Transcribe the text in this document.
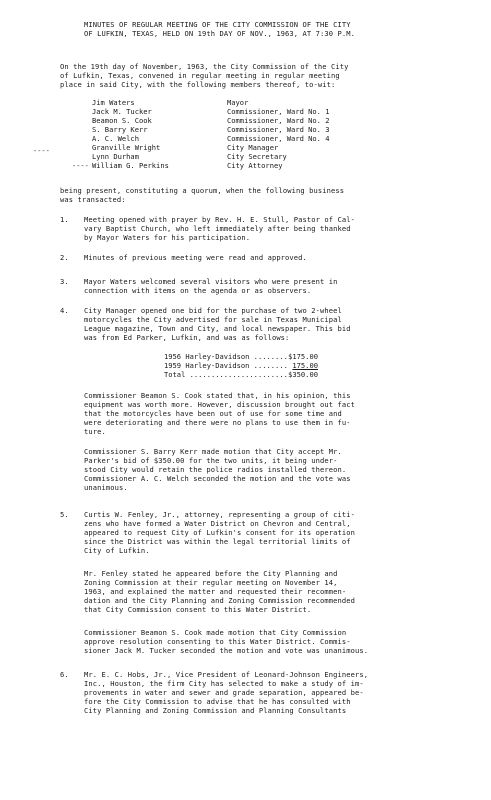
MINUTES OF REGULAR MEETING OF THE CITY COMMISSION OF THE CITY
OF LUFKIN, TEXAS, HELD ON 19th DAY OF NOV., 1963, AT 7:30 P.M.
On the 19th day of November, 1963, the City Commission of the City
of Lufkin, Texas, convened in regular meeting in regular meeting
place in said City, with the following members thereof, to-wit:
----
----
Jim Waters	Mayor
Jack M. Tucker	Commissioner, Ward No. 1
Beamon S. Cook	Commissioner, Ward No. 2
S. Barry Kerr	Commissioner, Ward No. 3
A. C. Welch	Commissioner, Ward No. 4
Granville Wright	City Manager
Lynn Durham	City Secretary
William G. Perkins	City Attorney
being present, constituting a quorum, when the following business
was transacted:
1. Meeting opened with prayer by Rev. H. E. Stull, Pastor of Cal-
vary Baptist Church, who left immediately after being thanked
by Mayor Waters for his participation.
2. Minutes of previous meeting were read and approved.
3. Mayor Waters welcomed several visitors who were present in
connection with items on the agenda or as observers.
4. City Manager opened one bid for the purchase of two 2-wheel
motorcycles the City advertised for sale in Texas Municipal
League magazine, Town and City, and local newspaper. This bid
was from Ed Parker, Lufkin, and was as follows:
1956 Harley-Davidson ........ $175.00
1959 Harley-Davidson ........ 175.00
Total ....................... $350.00
Commissioner Beamon S. Cook stated that, in his opinion, this
equipment was worth more. However, discussion brought out fact
that the motorcycles have been out of use for some time and
were deteriorating and there were no plans to use them in fu-
ture.
Commissioner S. Barry Kerr made motion that City accept Mr.
Parker's bid of $350.00 for the two units, it being under-
stood City would retain the police radios installed thereon.
Commissioner A. C. Welch seconded the motion and the vote was
unanimous.
5. Curtis W. Fenley, Jr., attorney, representing a group of citi-
zens who have formed a Water District on Chevron and Central,
appeared to request City of Lufkin's consent for its operation
since the District was within the legal territorial limits of
City of Lufkin.
Mr. Fenley stated he appeared before the City Planning and
Zoning Commission at their regular meeting on November 14,
1963, and explained the matter and requested their recommen-
dation and the City Planning and Zoning Commission recommended
that City Commission consent to this Water District.
Commissioner Beamon S. Cook made motion that City Commission
approve resolution consenting to this Water District. Commis-
sioner Jack M. Tucker seconded the motion and vote was unanimous.
6. Mr. E. C. Hobs, Jr., Vice President of Leonard-Johnson Engineers,
Inc., Houston, the firm City has selected to make a study of im-
provements in water and sewer and grade separation, appeared be-
fore the City Commission to advise that he has consulted with
City Planning and Zoning Commission and Planning Consultants
